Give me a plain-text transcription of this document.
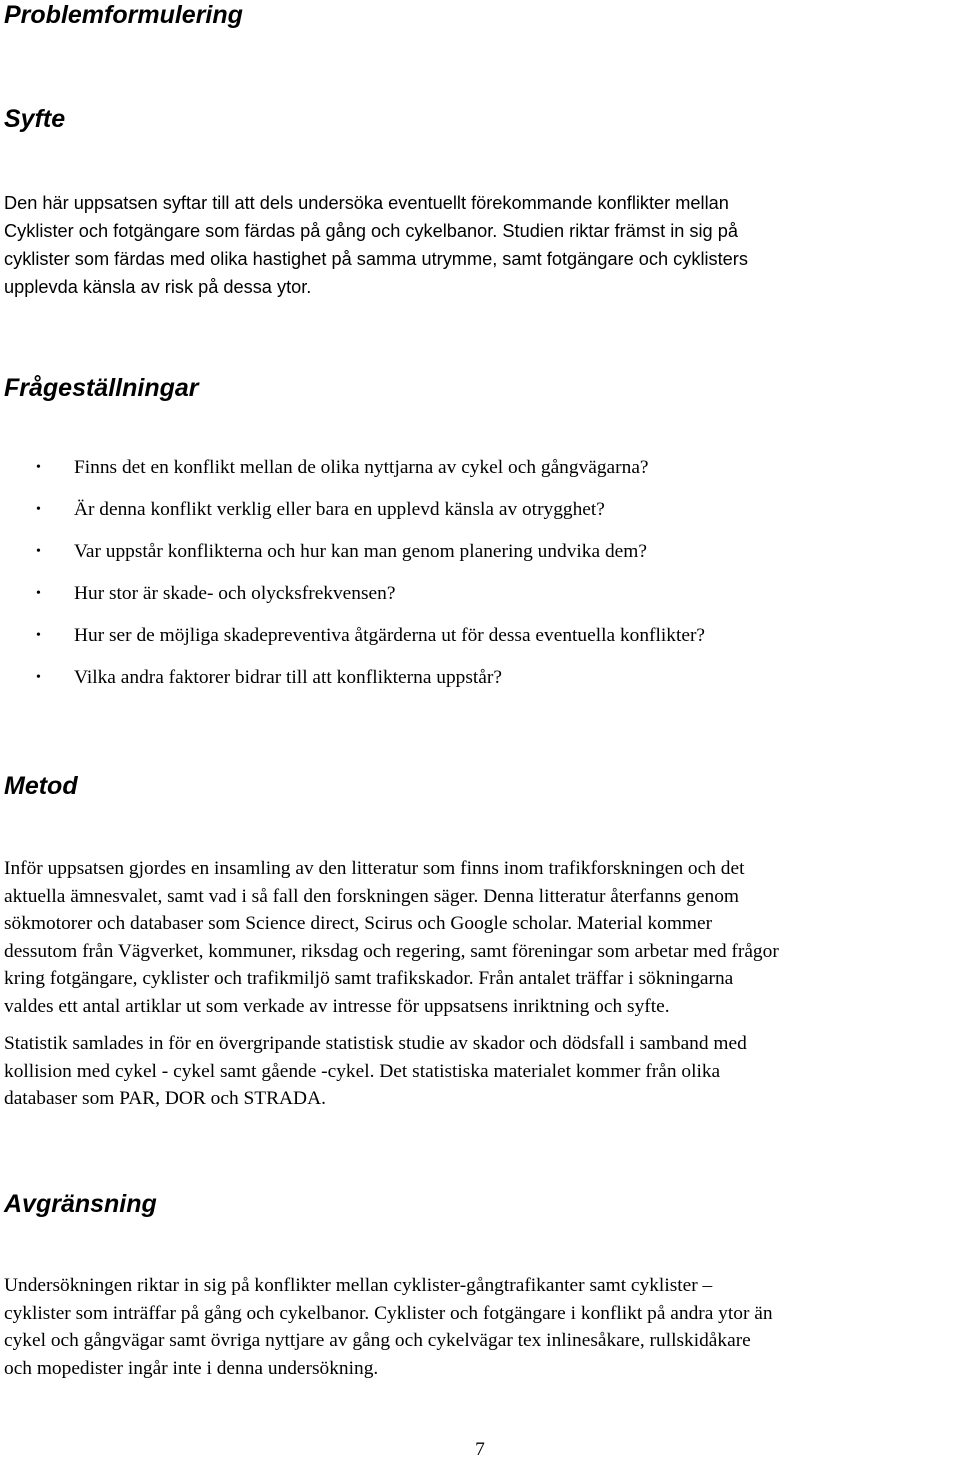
Problemformulering
Syfte
Den här uppsatsen syftar till att dels undersöka eventuellt förekommande konflikter mellan
Cyklister och fotgängare som färdas på gång och cykelbanor. Studien riktar främst in sig på
cyklister som färdas med olika hastighet på samma utrymme, samt fotgängare och cyklisters
upplevda känsla av risk på dessa ytor.
Frågeställningar
• Finns det en konflikt mellan de olika nyttjarna av cykel och gångvägarna?
• Är denna konflikt verklig eller bara en upplevd känsla av otrygghet?
• Var uppstår konflikterna och hur kan man genom planering undvika dem?
• Hur stor är skade- och olycksfrekvensen?
• Hur ser de möjliga skadepreventiva åtgärderna ut för dessa eventuella konflikter?
• Vilka andra faktorer bidrar till att konflikterna uppstår?
Metod
Inför uppsatsen gjordes en insamling av den litteratur som finns inom trafikforskningen och det
aktuella ämnesvalet, samt vad i så fall den forskningen säger. Denna litteratur återfanns genom
sökmotorer och databaser som Science direct, Scirus och Google scholar. Material kommer
dessutom från Vägverket, kommuner, riksdag och regering, samt föreningar som arbetar med frågor
kring fotgängare, cyklister och trafikmiljö samt trafikskador. Från antalet träffar i sökningarna
valdes ett antal artiklar ut som verkade av intresse för uppsatsens inriktning och syfte.
Statistik samlades in för en övergripande statistisk studie av skador och dödsfall i samband med
kollision med cykel - cykel samt gående -cykel. Det statistiska materialet kommer från olika
databaser som PAR, DOR och STRADA.
Avgränsning
Undersökningen riktar in sig på konflikter mellan cyklister-gångtrafikanter samt cyklister –
cyklister som inträffar på gång och cykelbanor. Cyklister och fotgängare i konflikt på andra ytor än
cykel och gångvägar samt övriga nyttjare av gång och cykelvägar tex inlinesåkare, rullskidåkare
och mopedister ingår inte i denna undersökning.
7
